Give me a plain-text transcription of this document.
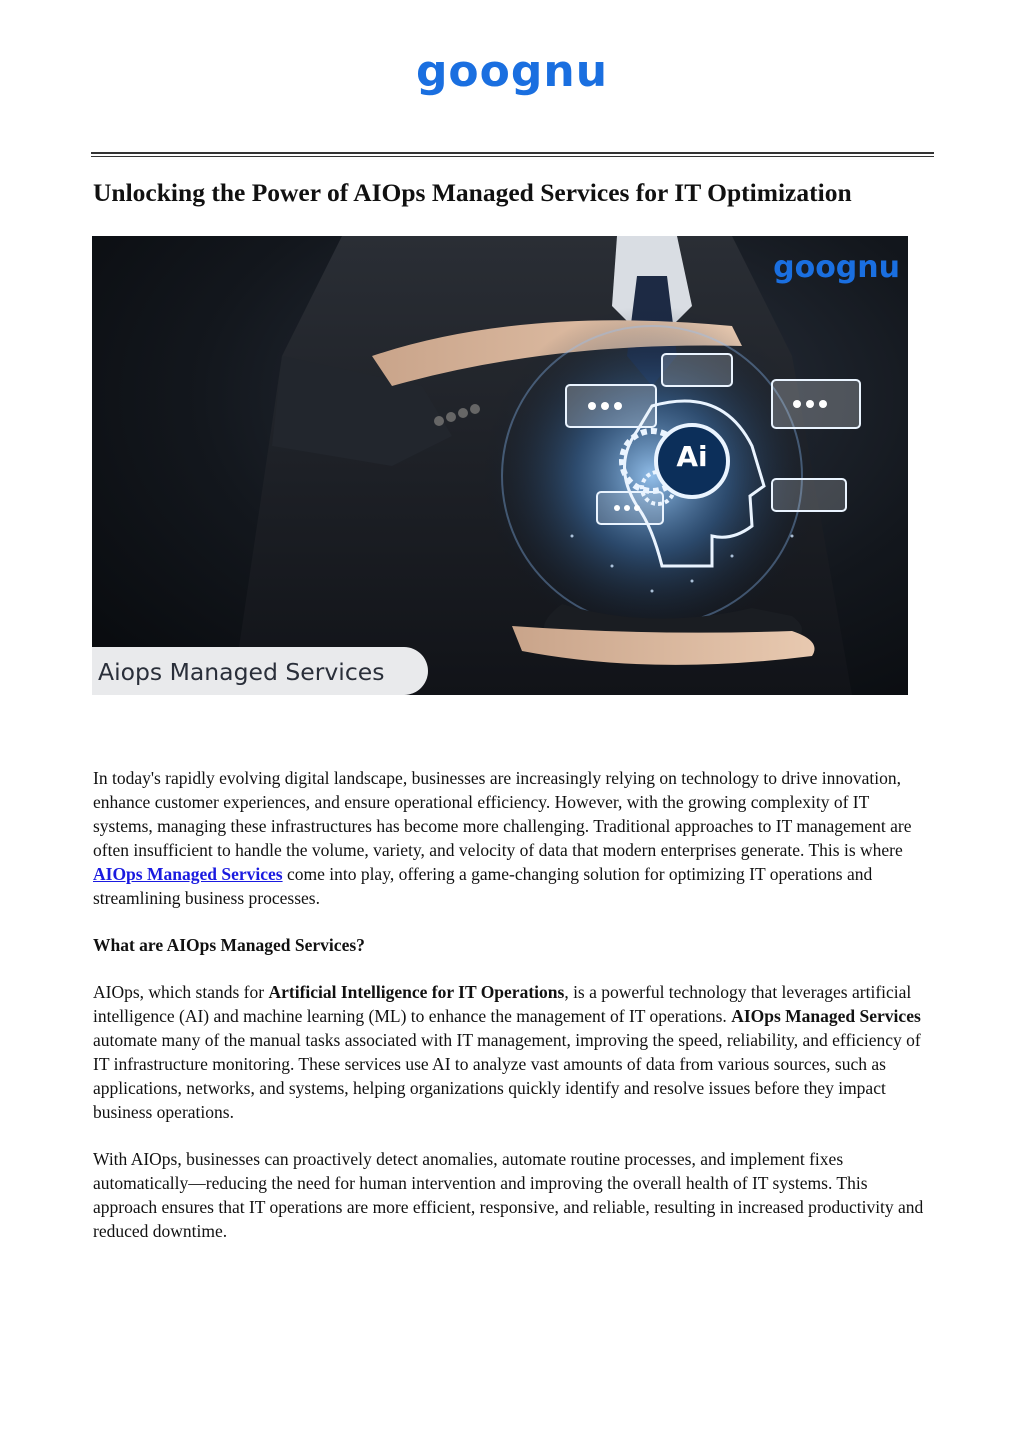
goognu
Unlocking the Power of AIOps Managed Services for IT Optimization
goognu
Ai
Aiops Managed Services

In today's rapidly evolving digital landscape, businesses are increasingly relying on technology to drive innovation, enhance customer experiences, and ensure operational efficiency. However, with the growing complexity of IT systems, managing these infrastructures has become more challenging. Traditional approaches to IT management are often insufficient to handle the volume, variety, and velocity of data that modern enterprises generate. This is where AIOps Managed Services come into play, offering a game-changing solution for optimizing IT operations and streamlining business processes.

What are AIOps Managed Services?

AIOps, which stands for Artificial Intelligence for IT Operations, is a powerful technology that leverages artificial intelligence (AI) and machine learning (ML) to enhance the management of IT operations. AIOps Managed Services automate many of the manual tasks associated with IT management, improving the speed, reliability, and efficiency of IT infrastructure monitoring. These services use AI to analyze vast amounts of data from various sources, such as applications, networks, and systems, helping organizations quickly identify and resolve issues before they impact business operations.

With AIOps, businesses can proactively detect anomalies, automate routine processes, and implement fixes automatically—reducing the need for human intervention and improving the overall health of IT systems. This approach ensures that IT operations are more efficient, responsive, and reliable, resulting in increased productivity and reduced downtime.
